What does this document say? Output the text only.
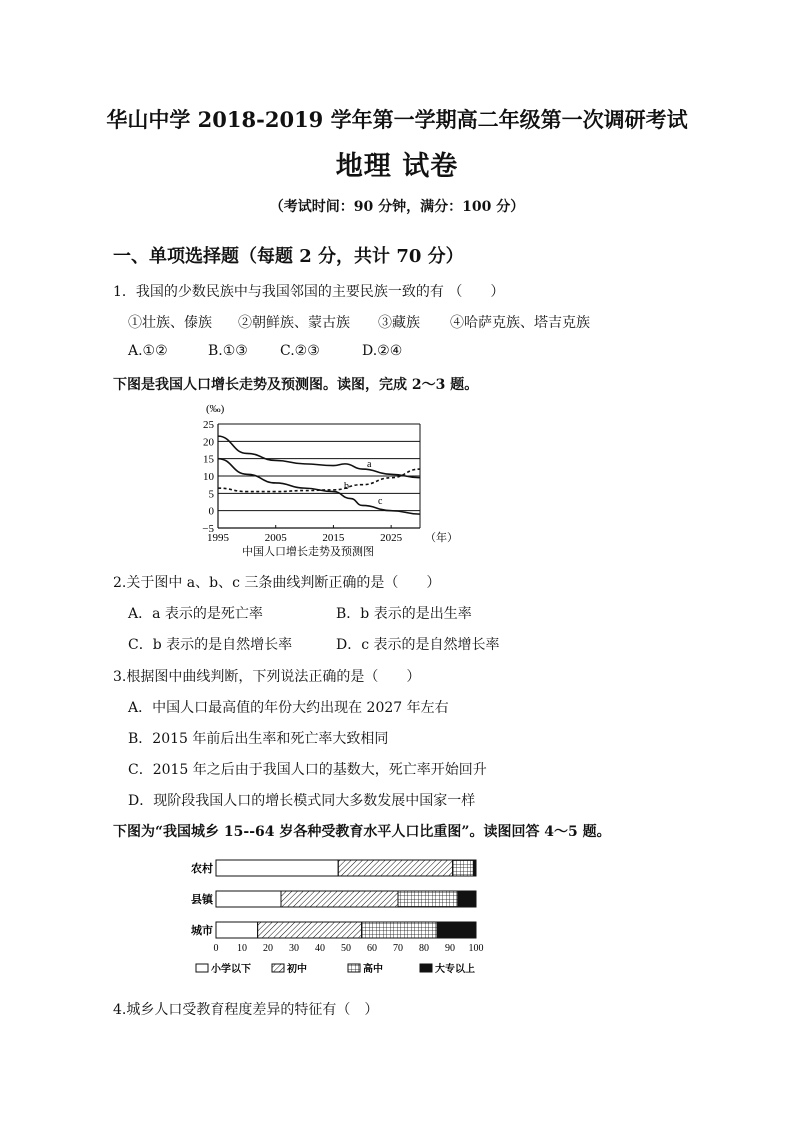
华山中学 2018-2019 学年第一学期高二年级第一次调研考试
地理 试卷
（考试时间：90 分钟，满分：100 分）
一、单项选择题（每题 2 分，共计 70 分）
1．我国的少数民族中与我国邻国的主要民族一致的有 （　　）
①壮族、傣族 ②朝鲜族、蒙古族 ③藏族 ④哈萨克族、塔吉克族
A.①②	B.①③ C.②③	D.②④
下图是我国人口增长走势及预测图。读图，完成 2～3 题。
25
20
15
10
5
0
−5
1995	2005	2015	2025
(‰)
（年）
中国人口增长走势及预测图
a
b
c
2.关于图中 a、b、c 三条曲线判断正确的是（　　）
A．a 表示的是死亡率	B．b 表示的是出生率
C．b 表示的是自然增长率	D．c 表示的是自然增长率
3.根据图中曲线判断，下列说法正确的是（　　）
A．中国人口最高值的年份大约出现在 2027 年左右
B．2015 年前后出生率和死亡率大致相同
C．2015 年之后由于我国人口的基数大，死亡率开始回升
D．现阶段我国人口的增长模式同大多数发展中国家一样
下图为“我国城乡 15--64 岁各种受教育水平人口比重图”。读图回答 4～5 题。
农村
县镇
城市
0 10 20 30 40 50 60 70 80 90 100
小学以下	初中	高中	大专以上
4.城乡人口受教育程度差异的特征有（　）
